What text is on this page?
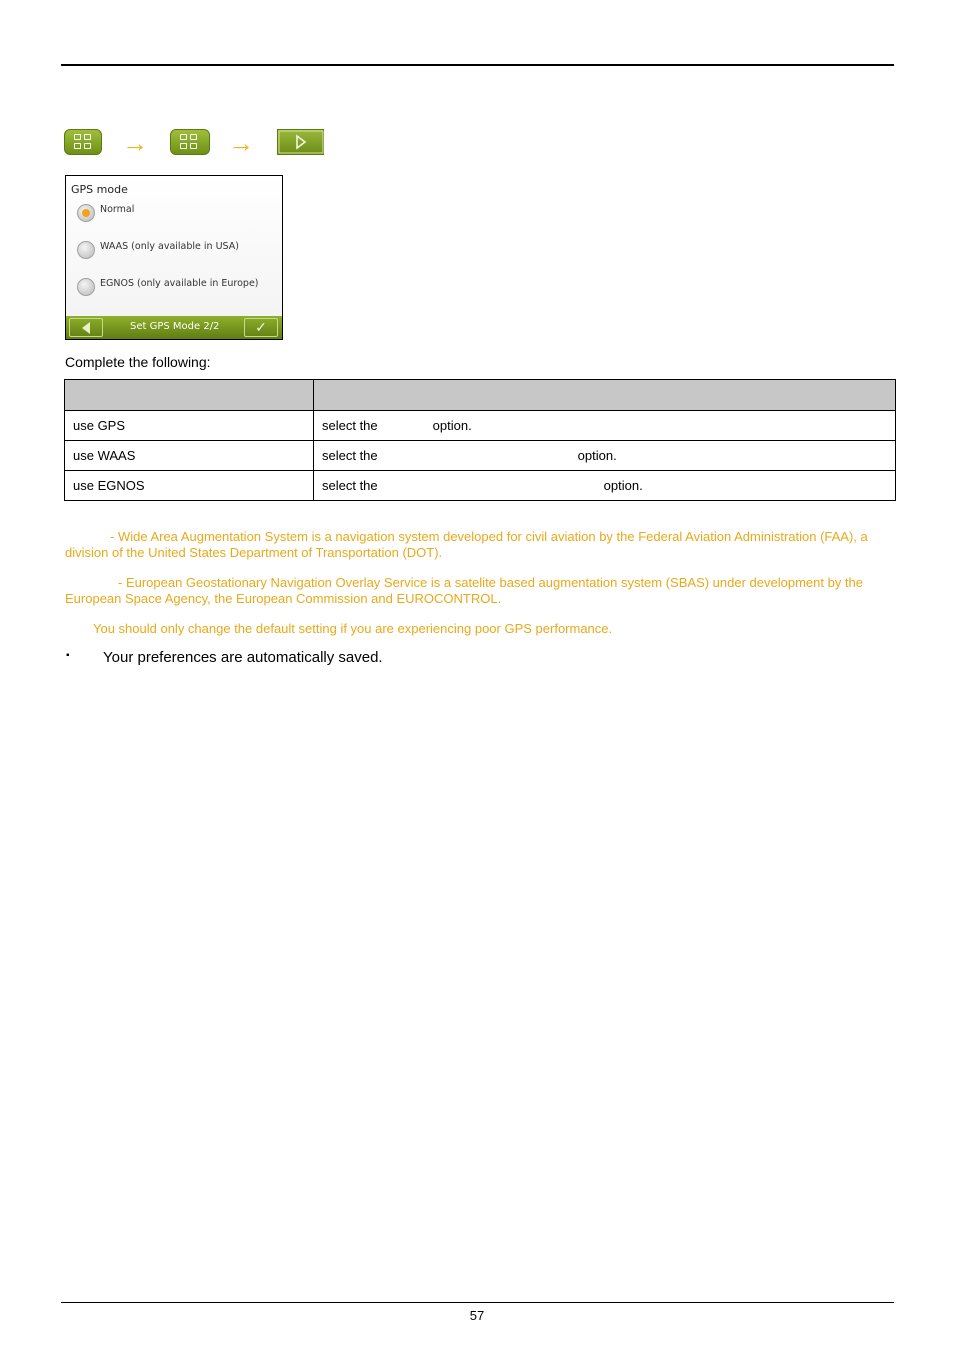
→	→
GPS mode
Normal
WAAS (only available in USA)
EGNOS (only available in Europe)
Set GPS Mode 2/2	✓
Complete the following:

use GPS	select the option.
use WAAS	select the option.
use EGNOS	select the option.
- Wide Area Augmentation System is a navigation system developed for civil aviation by the Federal Aviation Administration (FAA), a division of the United States Department of Transportation (DOT).
- European Geostationary Navigation Overlay Service is a satelite based augmentation system (SBAS) under development by the European Space Agency, the European Commission and EUROCONTROL.
You should only change the default setting if you are experiencing poor GPS performance.
▪ Your preferences are automatically saved.
57
